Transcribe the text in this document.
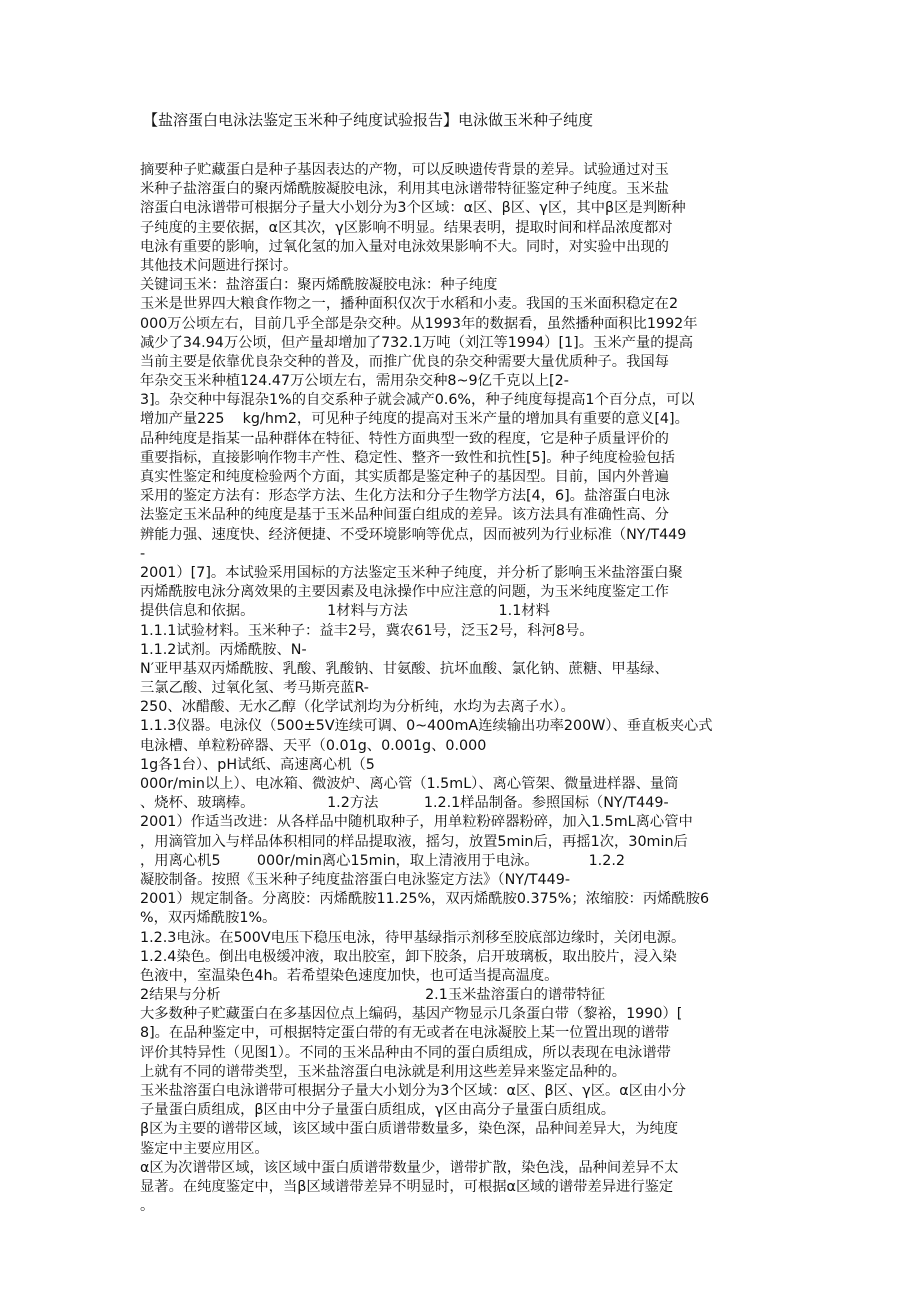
【盐溶蛋白电泳法鉴定玉米种子纯度试验报告】电泳做玉米种子纯度
摘要种子贮藏蛋白是种子基因表达的产物，可以反映遗传背景的差异。试验通过对玉
米种子盐溶蛋白的聚丙烯酰胺凝胶电泳，利用其电泳谱带特征鉴定种子纯度。玉米盐
溶蛋白电泳谱带可根据分子量大小划分为3个区域：α区、β区、γ区，其中β区是判断种
子纯度的主要依据，α区其次，γ区影响不明显。结果表明，提取时间和样品浓度都对
电泳有重要的影响，过氧化氢的加入量对电泳效果影响不大。同时，对实验中出现的
其他技术问题进行探讨。
关键词玉米：盐溶蛋白：聚丙烯酰胺凝胶电泳：种子纯度
玉米是世界四大粮食作物之一，播种面积仅次于水稻和小麦。我国的玉米面积稳定在2
000万公顷左右，目前几乎全部是杂交种。从1993年的数据看，虽然播种面积比1992年
减少了34.94万公顷，但产量却增加了732.1万吨（刘江等1994）[1]。玉米产量的提高
当前主要是依靠优良杂交种的普及，而推广优良的杂交种需要大量优质种子。我国每
年杂交玉米种植124.47万公顷左右，需用杂交种8~9亿千克以上[2-
3]。杂交种中每混杂1%的自交系种子就会减产0.6%，种子纯度每提高1个百分点，可以
增加产量225    kg/hm2，可见种子纯度的提高对玉米产量的增加具有重要的意义[4]。
品种纯度是指某一品种群体在特征、特性方面典型一致的程度，它是种子质量评价的
重要指标，直接影响作物丰产性、稳定性、整齐一致性和抗性[5]。种子纯度检验包括
真实性鉴定和纯度检验两个方面，其实质都是鉴定种子的基因型。目前，国内外普遍
采用的鉴定方法有：形态学方法、生化方法和分子生物学方法[4，6]。盐溶蛋白电泳
法鉴定玉米品种的纯度是基于玉米品种间蛋白组成的差异。该方法具有准确性高、分
辨能力强、速度快、经济便捷、不受环境影响等优点，因而被列为行业标准（NY/T449
-
2001）[7]。本试验采用国标的方法鉴定玉米种子纯度，并分析了影响玉米盐溶蛋白聚
丙烯酰胺电泳分离效果的主要因素及电泳操作中应注意的问题，为玉米纯度鉴定工作
提供信息和依据。                1材料与方法                    1.1材料
1.1.1试验材料。玉米种子：益丰2号，冀农61号，泛玉2号，科河8号。
1.1.2试剂。丙烯酰胺、N-
N′亚甲基双丙烯酰胺、乳酸、乳酸钠、甘氨酸、抗坏血酸、氯化钠、蔗糖、甲基绿、
三氯乙酸、过氧化氢、考马斯亮蓝R-
250、冰醋酸、无水乙醇（化学试剂均为分析纯，水均为去离子水）。
1.1.3仪器。电泳仪（500±5V连续可调、0~400mA连续输出功率200W）、垂直板夹心式
电泳槽、单粒粉碎器、天平（0.01g、0.001g、0.000
1g各1台）、pH试纸、高速离心机（5
000r/min以上）、电冰箱、微波炉、离心管（1.5mL）、离心管架、微量进样器、量筒
、烧杯、玻璃棒。                1.2方法          1.2.1样品制备。参照国标（NY/T449-
2001）作适当改进：从各样品中随机取种子，用单粒粉碎器粉碎，加入1.5mL离心管中
，用滴管加入与样品体积相同的样品提取液，摇匀，放置5min后，再摇1次，30min后
，用离心机5        000r/min离心15min，取上清液用于电泳。           1.2.2
凝胶制备。按照《玉米种子纯度盐溶蛋白电泳鉴定方法》（NY/T449-
2001）规定制备。分离胶：丙烯酰胺11.25%，双丙烯酰胺0.375%；浓缩胶：丙烯酰胺6
%，双丙烯酰胺1%。
1.2.3电泳。在500V电压下稳压电泳，待甲基绿指示剂移至胶底部边缘时，关闭电源。
1.2.4染色。倒出电极缓冲液，取出胶室，卸下胶条，启开玻璃板，取出胶片，浸入染
色液中，室温染色4h。若希望染色速度加快，也可适当提高温度。
2结果与分析                                             2.1玉米盐溶蛋白的谱带特征
大多数种子贮藏蛋白在多基因位点上编码，基因产物显示几条蛋白带（黎裕，1990）[
8]。在品种鉴定中，可根据特定蛋白带的有无或者在电泳凝胶上某一位置出现的谱带
评价其特异性（见图1）。不同的玉米品种由不同的蛋白质组成，所以表现在电泳谱带
上就有不同的谱带类型，玉米盐溶蛋白电泳就是利用这些差异来鉴定品种的。
玉米盐溶蛋白电泳谱带可根据分子量大小划分为3个区域：α区、β区、γ区。α区由小分
子量蛋白质组成，β区由中分子量蛋白质组成，γ区由高分子量蛋白质组成。
β区为主要的谱带区域，该区域中蛋白质谱带数量多，染色深，品种间差异大，为纯度
鉴定中主要应用区。
α区为次谱带区域，该区域中蛋白质谱带数量少，谱带扩散，染色浅，品种间差异不太
显著。在纯度鉴定中，当β区域谱带差异不明显时，可根据α区域的谱带差异进行鉴定
。
